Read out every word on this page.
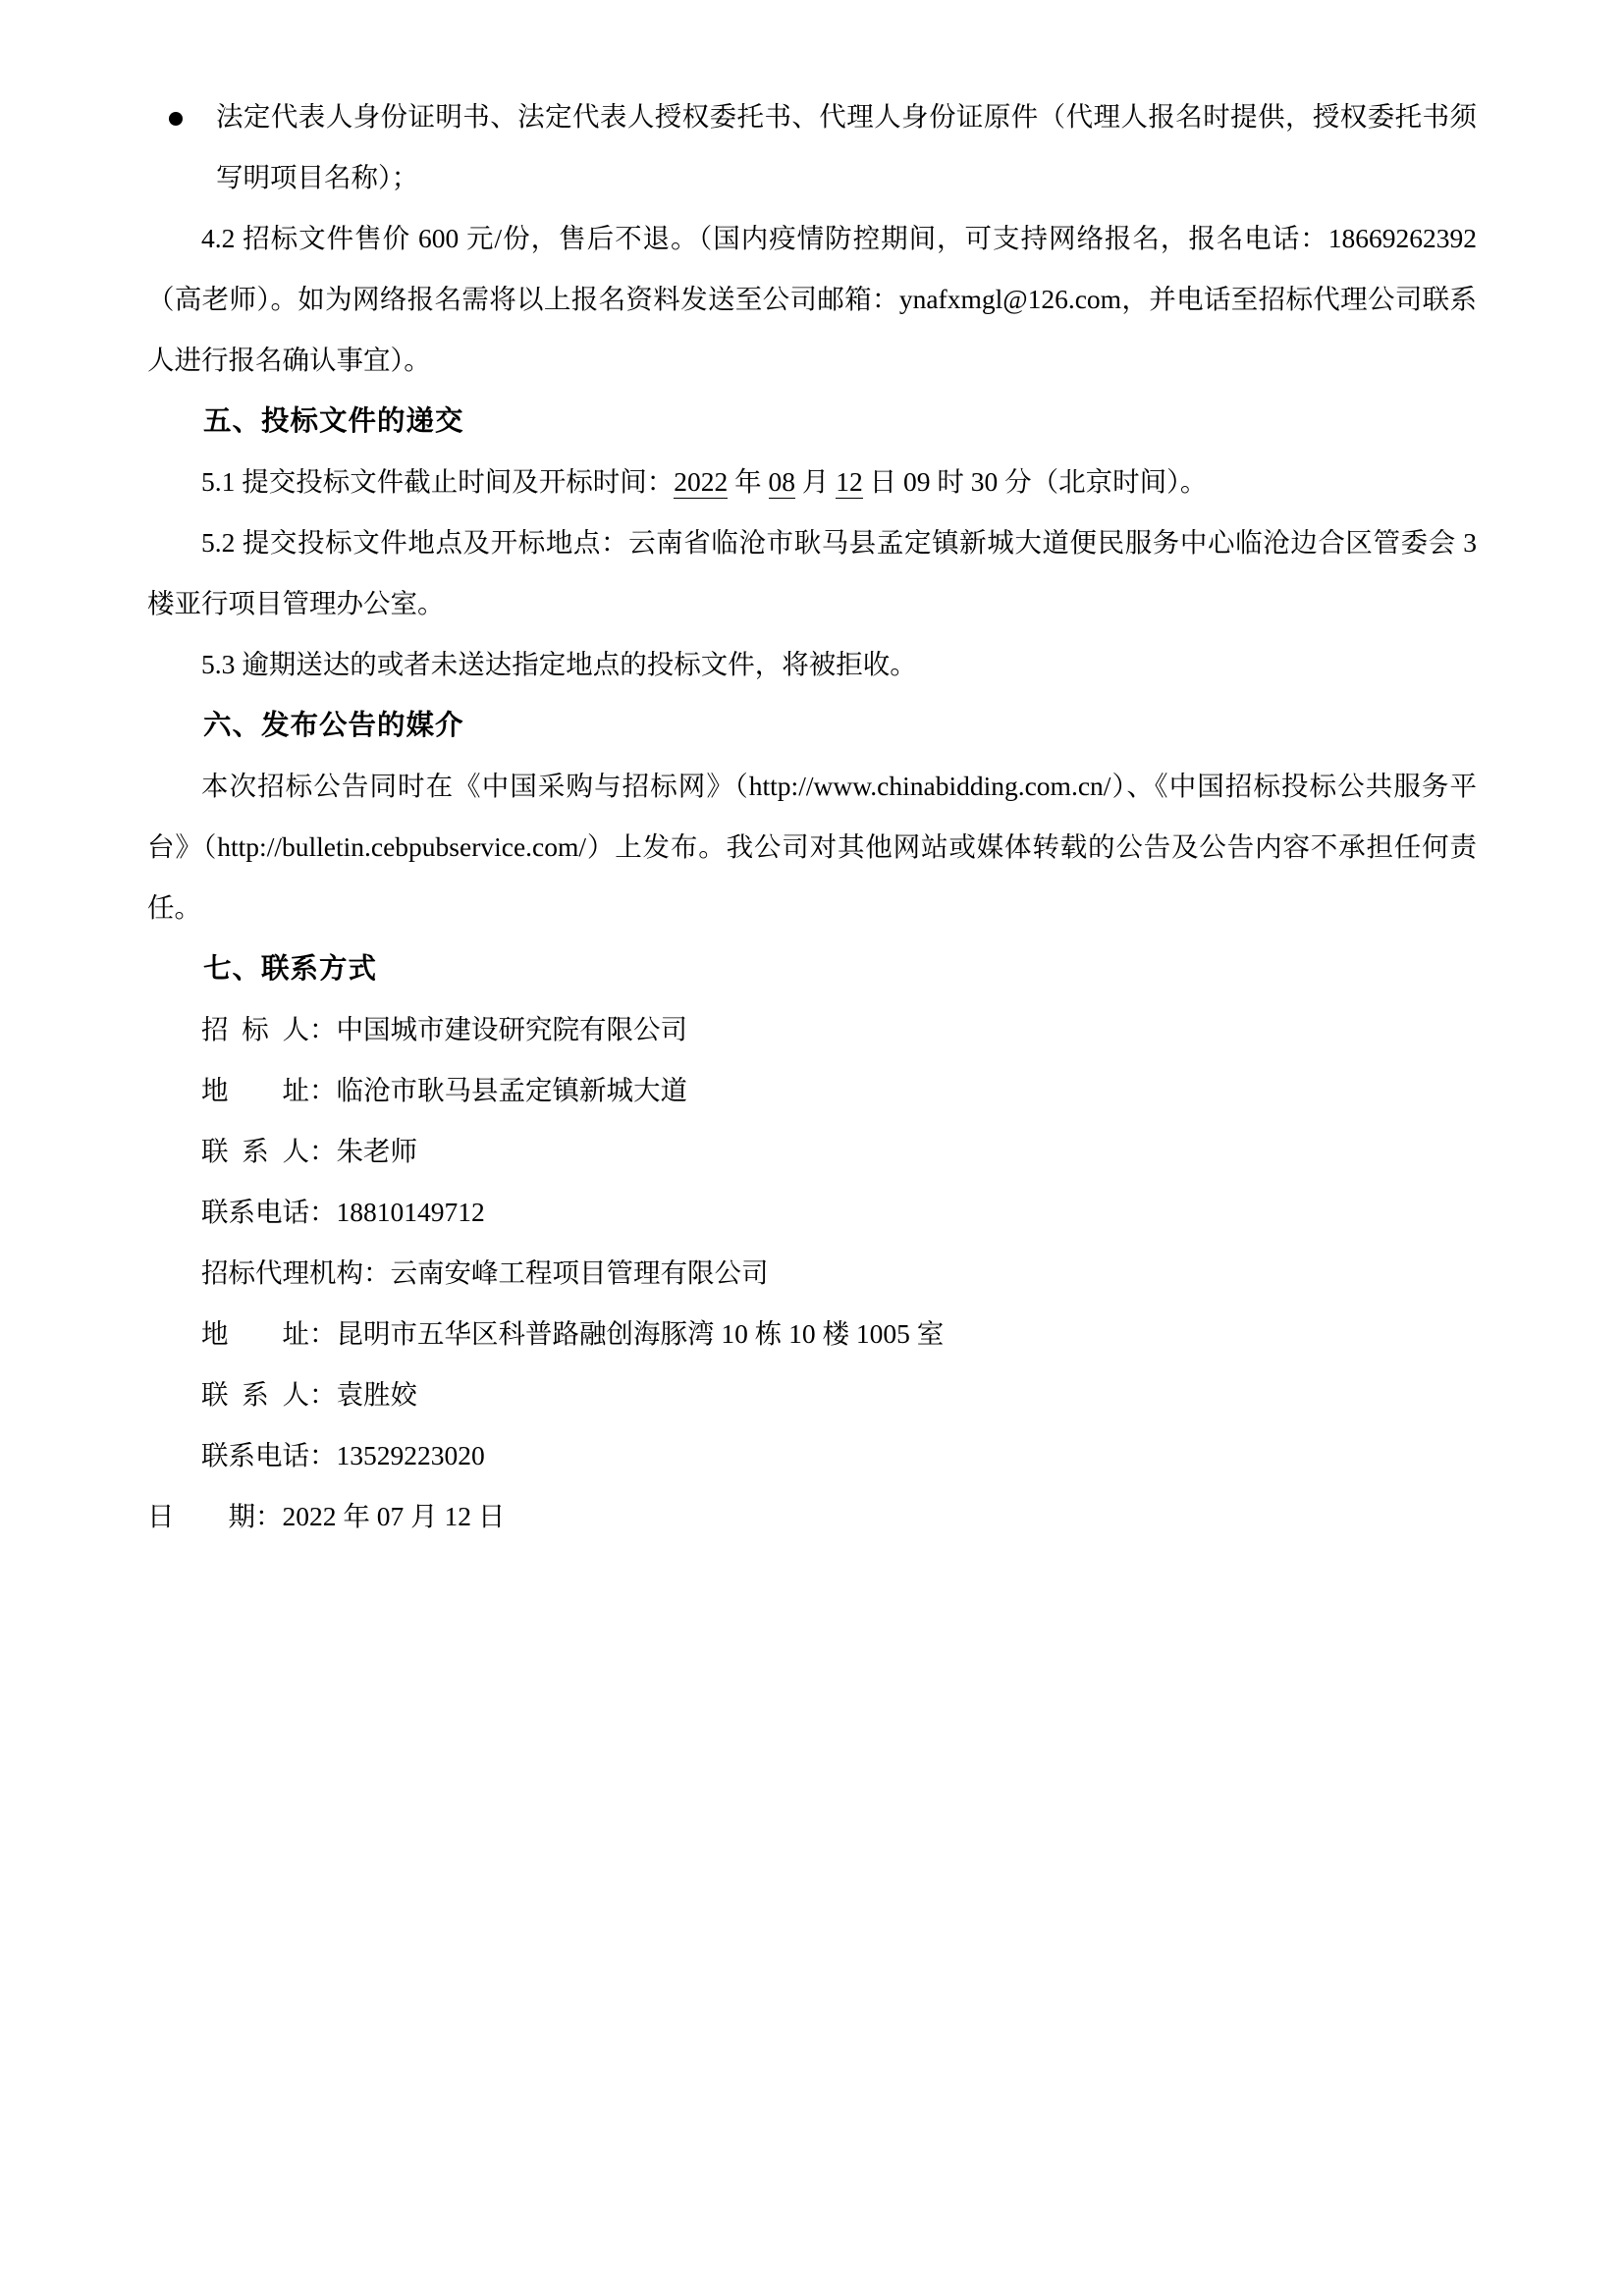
法定代表人身份证明书、法定代表人授权委托书、代理人身份证原件（代理人报名时提供，授权委托书须写明项目名称）；

4.2 招标文件售价 600 元/份，售后不退。（国内疫情防控期间，可支持网络报名，报名电话：18669262392（高老师）。如为网络报名需将以上报名资料发送至公司邮箱：ynafxmgl@126.com，并电话至招标代理公司联系人进行报名确认事宜）。

五、投标文件的递交

5.1 提交投标文件截止时间及开标时间：2022 年 08 月 12 日 09 时 30 分（北京时间）。

5.2 提交投标文件地点及开标地点：云南省临沧市耿马县孟定镇新城大道便民服务中心临沧边合区管委会 3 楼亚行项目管理办公室。

5.3 逾期送达的或者未送达指定地点的投标文件，将被拒收。

六、发布公告的媒介

本次招标公告同时在《中国采购与招标网》（http://www.chinabidding.com.cn/）、《中国招标投标公共服务平台》（http://bulletin.cebpubservice.com/）上发布。我公司对其他网站或媒体转载的公告及公告内容不承担任何责任。

七、联系方式

招  标  人：中国城市建设研究院有限公司

地        址：临沧市耿马县孟定镇新城大道

联  系  人：朱老师

联系电话：18810149712

招标代理机构：云南安峰工程项目管理有限公司

地        址：昆明市五华区科普路融创海豚湾 10 栋 10 楼 1005 室

联  系  人：袁胜姣

联系电话：13529223020

日        期：2022 年 07 月 12 日
